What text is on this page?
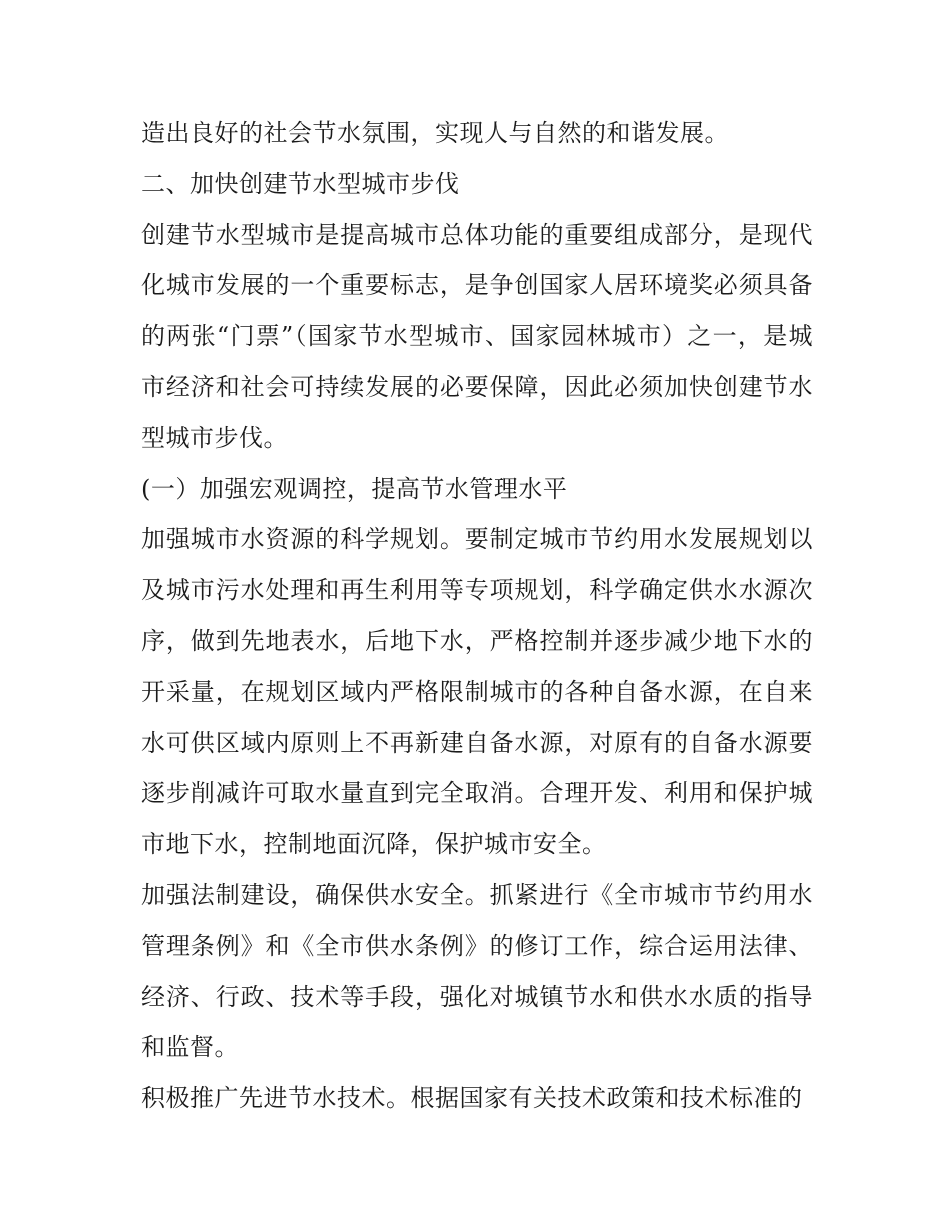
造出良好的社会节水氛围，实现人与自然的和谐发展。

二、加快创建节水型城市步伐

创建节水型城市是提高城市总体功能的重要组成部分，是现代化城市发展的一个重要标志，是争创国家人居环境奖必须具备的两张“门票”（国家节水型城市、国家园林城市）之一，是城市经济和社会可持续发展的必要保障，因此必须加快创建节水型城市步伐。

(一）加强宏观调控，提高节水管理水平

加强城市水资源的科学规划。要制定城市节约用水发展规划以及城市污水处理和再生利用等专项规划，科学确定供水水源次序，做到先地表水，后地下水，严格控制并逐步减少地下水的开采量，在规划区域内严格限制城市的各种自备水源，在自来水可供区域内原则上不再新建自备水源，对原有的自备水源要逐步削减许可取水量直到完全取消。合理开发、利用和保护城市地下水，控制地面沉降，保护城市安全。

加强法制建设，确保供水安全。抓紧进行《全市城市节约用水管理条例》和《全市供水条例》的修订工作，综合运用法律、经济、行政、技术等手段，强化对城镇节水和供水水质的指导和监督。

积极推广先进节水技术。根据国家有关技术政策和技术标准的
